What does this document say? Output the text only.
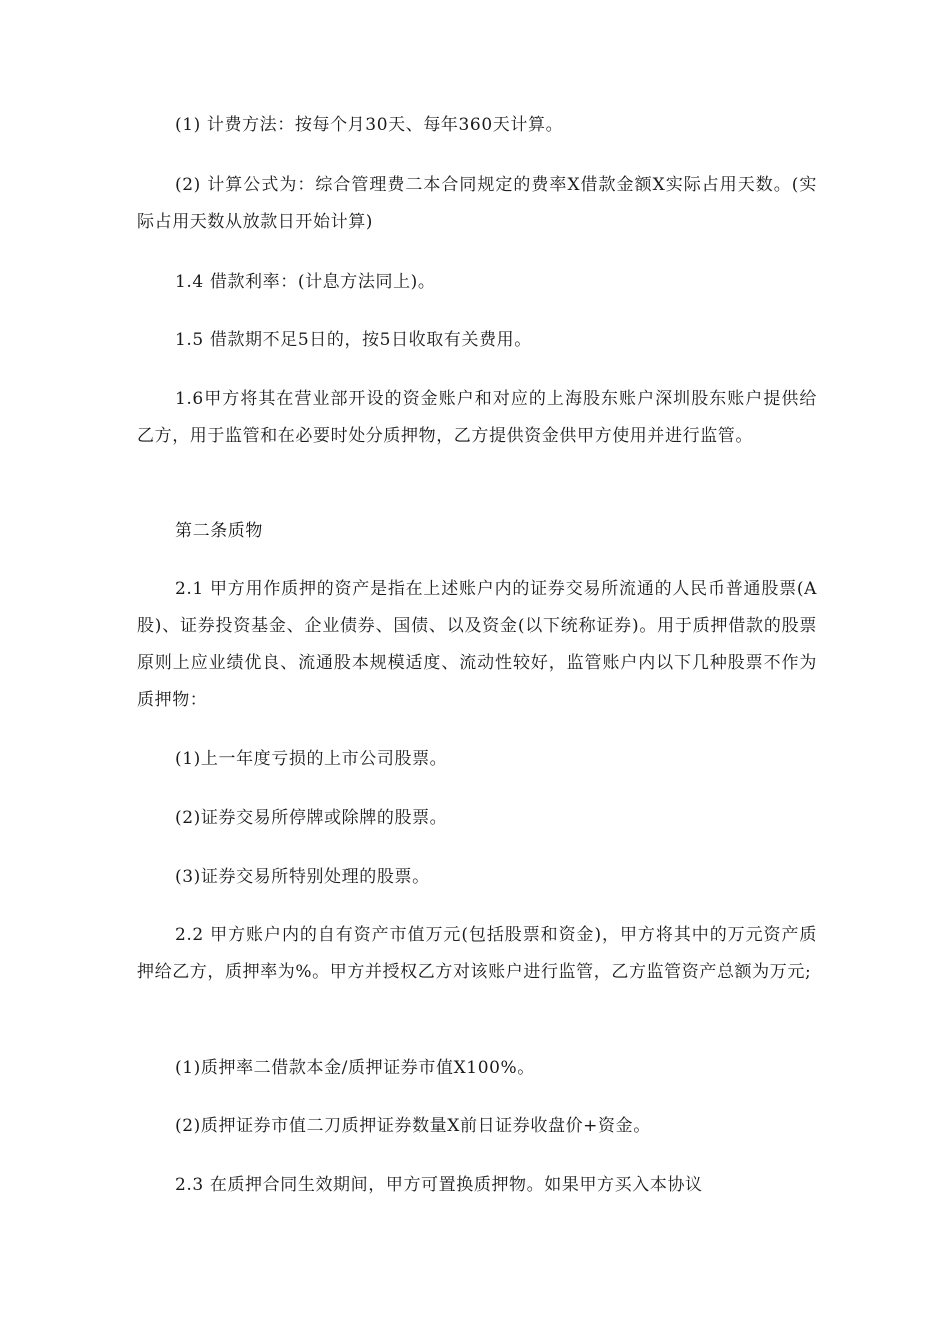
(1) 计费方法：按每个月30天、每年360天计算。

(2) 计算公式为：综合管理费二本合同规定的费率X借款金额X实际占用天数。(实际占用天数从放款日开始计算)

1.4 借款利率：(计息方法同上)。

1.5 借款期不足5日的，按5日收取有关费用。

1.6甲方将其在营业部开设的资金账户和对应的上海股东账户深圳股东账户提供给乙方，用于监管和在必要时处分质押物，乙方提供资金供甲方使用并进行监管。

第二条质物

2.1 甲方用作质押的资产是指在上述账户内的证券交易所流通的人民币普通股票(A股)、证券投资基金、企业债券、国债、以及资金(以下统称证券)。用于质押借款的股票原则上应业绩优良、流通股本规模适度、流动性较好，监管账户内以下几种股票不作为质押物：

(1)上一年度亏损的上市公司股票。

(2)证券交易所停牌或除牌的股票。

(3)证券交易所特别处理的股票。

2.2 甲方账户内的自有资产市值万元(包括股票和资金)，甲方将其中的万元资产质押给乙方，质押率为%。甲方并授权乙方对该账户进行监管，乙方监管资产总额为万元;

(1)质押率二借款本金/质押证券市值X100%。

(2)质押证券市值二刀质押证券数量X前日证券收盘价+资金。

2.3 在质押合同生效期间，甲方可置换质押物。如果甲方买入本协议
